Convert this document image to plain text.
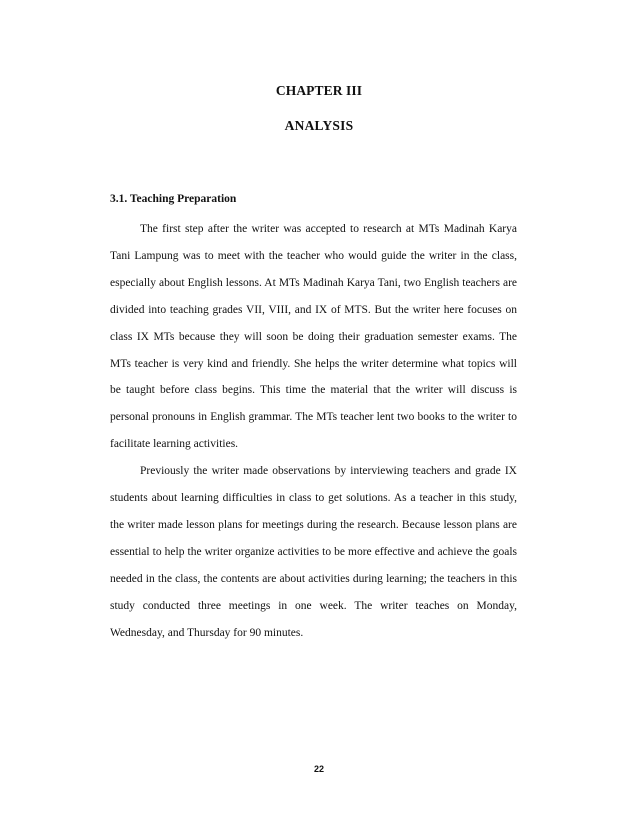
CHAPTER III
ANALYSIS
3.1. Teaching Preparation

The first step after the writer was accepted to research at MTs Madinah Karya Tani Lampung was to meet with the teacher who would guide the writer in the class, especially about English lessons. At MTs Madinah Karya Tani, two English teachers are divided into teaching grades VII, VIII, and IX of MTS. But the writer here focuses on class IX MTs because they will soon be doing their graduation semester exams. The MTs teacher is very kind and friendly. She helps the writer determine what topics will be taught before class begins. This time the material that the writer will discuss is personal pronouns in English grammar. The MTs teacher lent two books to the writer to facilitate learning activities.

Previously the writer made observations by interviewing teachers and grade IX students about learning difficulties in class to get solutions. As a teacher in this study, the writer made lesson plans for meetings during the research. Because lesson plans are essential to help the writer organize activities to be more effective and achieve the goals needed in the class, the contents are about activities during learning; the teachers in this study conducted three meetings in one week. The writer teaches on Monday, Wednesday, and Thursday for 90 minutes.

22
